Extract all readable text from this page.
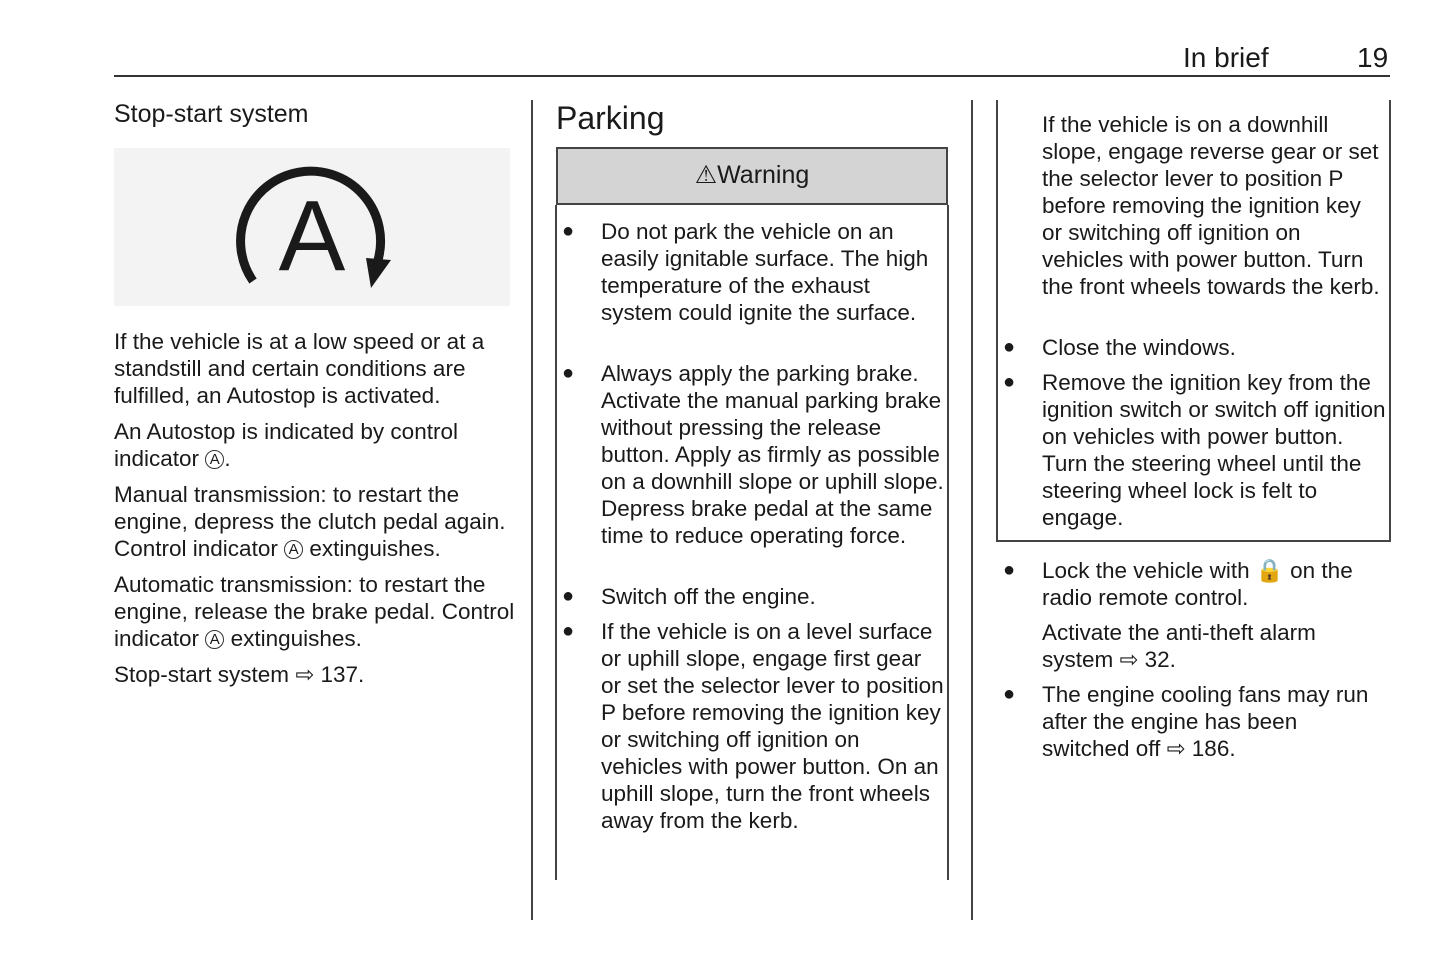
In brief	19
Stop-start system
A

If the vehicle is at a low speed or at a standstill and certain conditions are fulfilled, an Autostop is activated.

An Autostop is indicated by control indicator A .

Manual transmission: to restart the engine, depress the clutch pedal again. Control indicator A extinguishes.

Automatic transmission: to restart the engine, release the brake pedal. Control indicator A extinguishes.

Stop-start system ⇨ 137.

Parking
⚠Warning
● Do not park the vehicle on an easily ignitable surface. The high temperature of the exhaust system could ignite the surface.

● Always apply the parking brake. Activate the manual parking brake without pressing the release button. Apply as firmly as possible on a downhill slope or uphill slope. Depress brake pedal at the same time to reduce operating force.

● Switch off the engine.

● If the vehicle is on a level surface or uphill slope, engage first gear or set the selector lever to position P before removing the ignition key or switching off ignition on vehicles with power button. On an uphill slope, turn the front wheels away from the kerb.

If the vehicle is on a downhill slope, engage reverse gear or set the selector lever to position P before removing the ignition key or switching off ignition on vehicles with power button. Turn the front wheels towards the kerb.

● Close the windows.

● Remove the ignition key from the ignition switch or switch off ignition on vehicles with power button. Turn the steering wheel until the steering wheel lock is felt to engage.

● Lock the vehicle with 🔒 on the radio remote control.

Activate the anti-theft alarm system ⇨ 32.

● The engine cooling fans may run after the engine has been switched off ⇨ 186.
